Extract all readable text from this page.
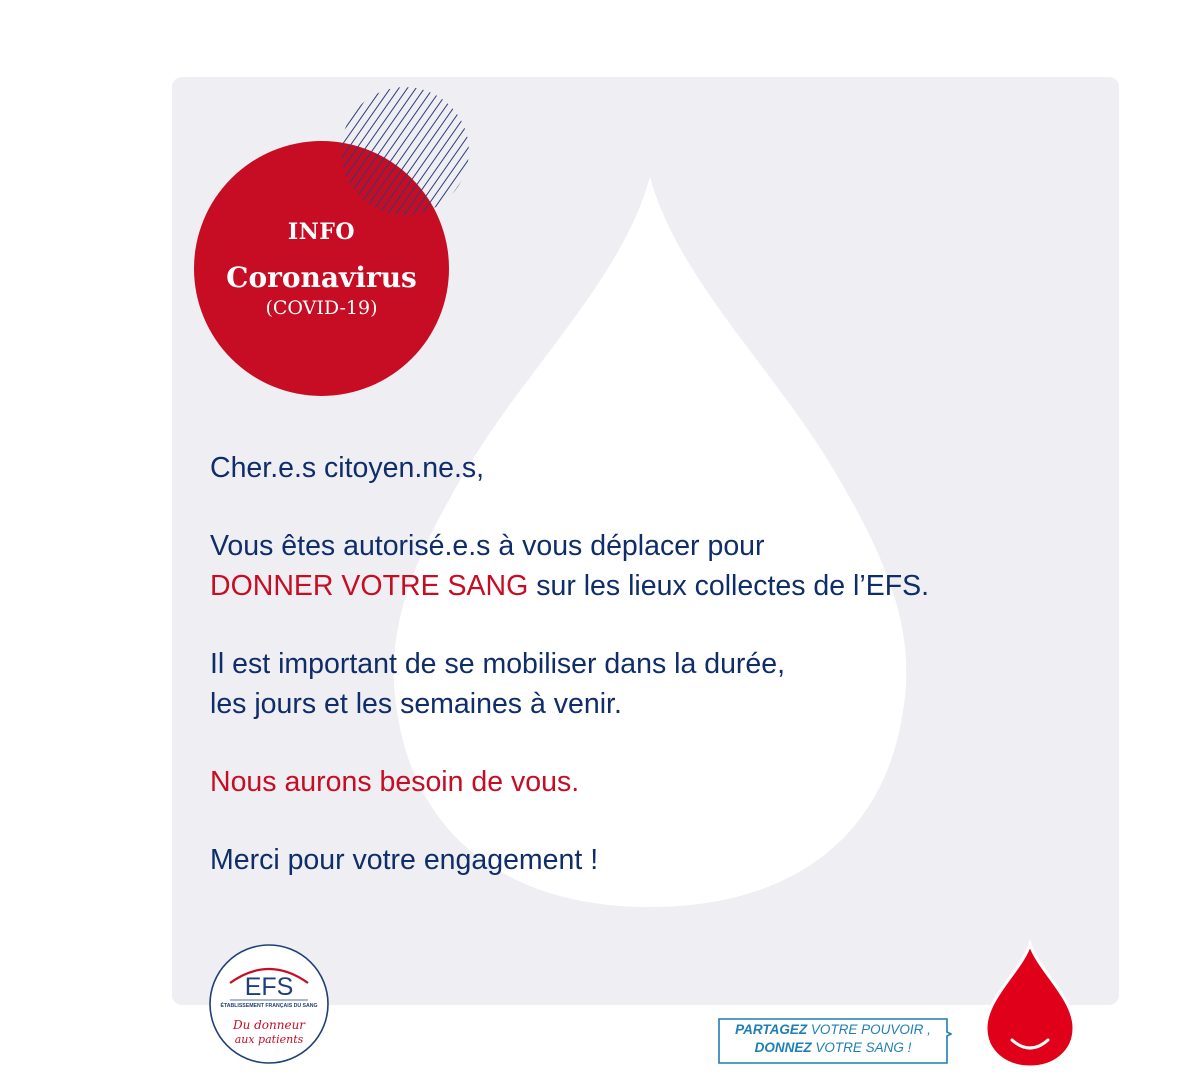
INFO
Coronavirus
(COVID-19)

Cher.e.s citoyen.ne.s,

Vous êtes autorisé.e.s à vous déplacer pour

DONNER VOTRE SANG sur les lieux collectes de l’EFS.

Il est important de se mobiliser dans la durée,

les jours et les semaines à venir.

Nous aurons besoin de vous.

Merci pour votre engagement !

EFS
ÉTABLISSEMENT FRANÇAIS DU SANG
Du donneur
aux patients
PARTAGEZ VOTRE POUVOIR ,
DONNEZ VOTRE SANG !
